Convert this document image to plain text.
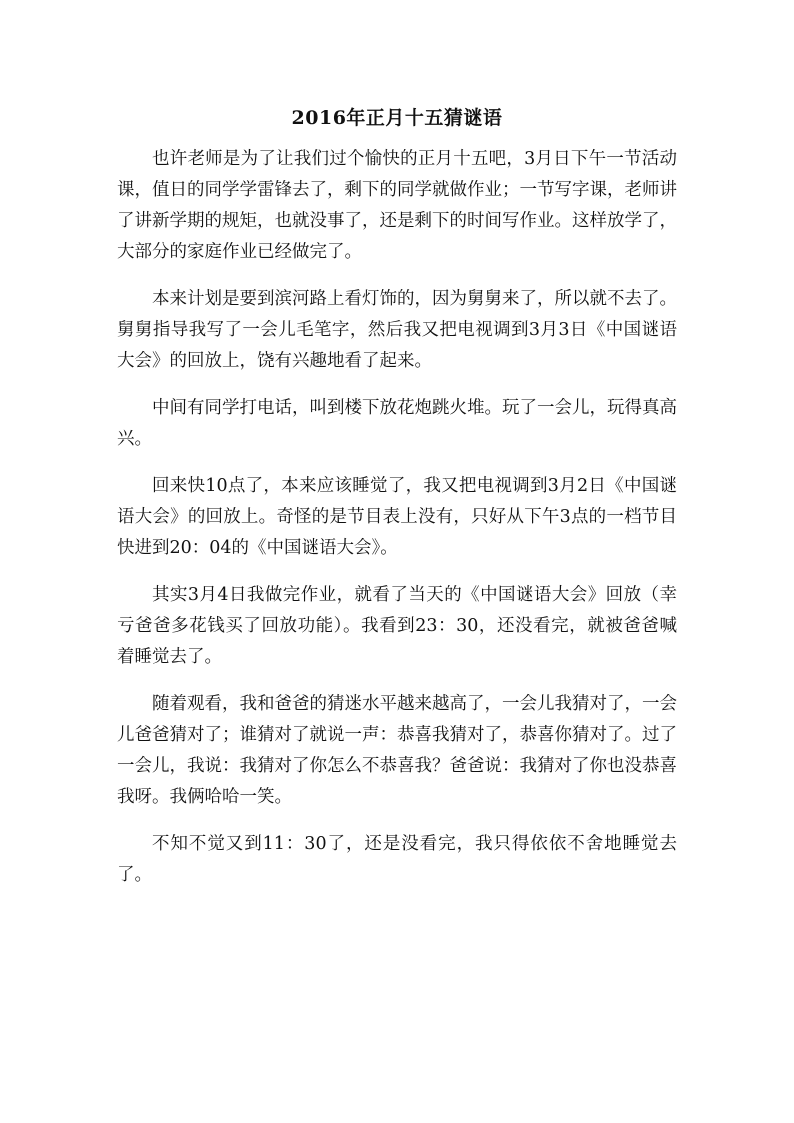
2016年正月十五猜谜语

也许老师是为了让我们过个愉快的正月十五吧，3月日下午一节活动课，值日的同学学雷锋去了，剩下的同学就做作业；一节写字课，老师讲了讲新学期的规矩，也就没事了，还是剩下的时间写作业。这样放学了，大部分的家庭作业已经做完了。

本来计划是要到滨河路上看灯饰的，因为舅舅来了，所以就不去了。舅舅指导我写了一会儿毛笔字，然后我又把电视调到3月3日《中国谜语大会》的回放上，饶有兴趣地看了起来。

中间有同学打电话，叫到楼下放花炮跳火堆。玩了一会儿，玩得真高兴。

回来快10点了，本来应该睡觉了，我又把电视调到3月2日《中国谜语大会》的回放上。奇怪的是节目表上没有，只好从下午3点的一档节目快进到20：04的《中国谜语大会》。

其实3月4日我做完作业，就看了当天的《中国谜语大会》回放（幸亏爸爸多花钱买了回放功能）。我看到23：30，还没看完，就被爸爸喊着睡觉去了。

随着观看，我和爸爸的猜迷水平越来越高了，一会儿我猜对了，一会儿爸爸猜对了；谁猜对了就说一声：恭喜我猜对了，恭喜你猜对了。过了一会儿，我说：我猜对了你怎么不恭喜我？爸爸说：我猜对了你也没恭喜我呀。我俩哈哈一笑。

不知不觉又到11：30了，还是没看完，我只得依依不舍地睡觉去了。
